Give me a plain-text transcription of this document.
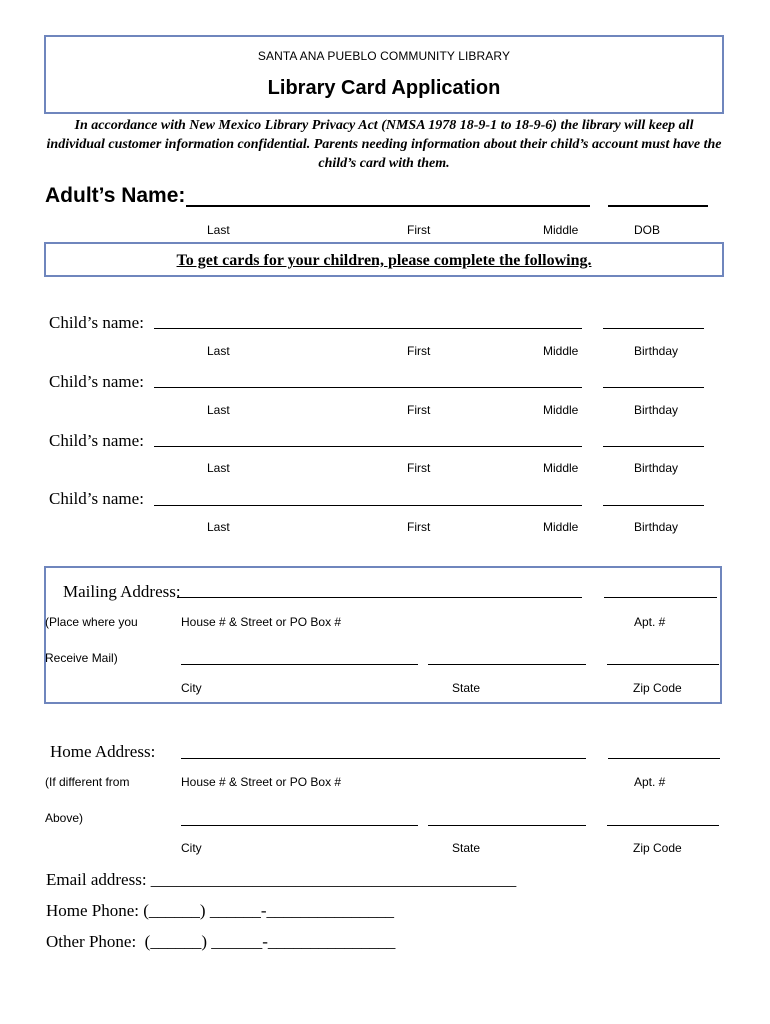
SANTA ANA PUEBLO COMMUNITY LIBRARY
Library Card Application
In accordance with New Mexico Library Privacy Act (NMSA 1978 18-9-1 to 18-9-6) the library will keep all individual customer information confidential. Parents needing information about their child’s account must have the child’s card with them.
Adult’s Name:
Last	First	Middle	DOB
To get cards for your children, please complete the following.
Child’s name:
Last	First	Middle	Birthday
Child’s name:
Last	First	Middle	Birthday
Child’s name:
Last	First	Middle	Birthday
Child’s name:
Last	First	Middle	Birthday
Mailing Address:
(Place where you	House # & Street or PO Box #	Apt. #
Receive Mail)
City	State	Zip Code
Home Address:
(If different from	House # & Street or PO Box #	Apt. #
Above)
City	State	Zip Code
Email address: ___________________________________________
Home Phone: (______) ______-_______________
Other Phone:  (______) ______-_______________
